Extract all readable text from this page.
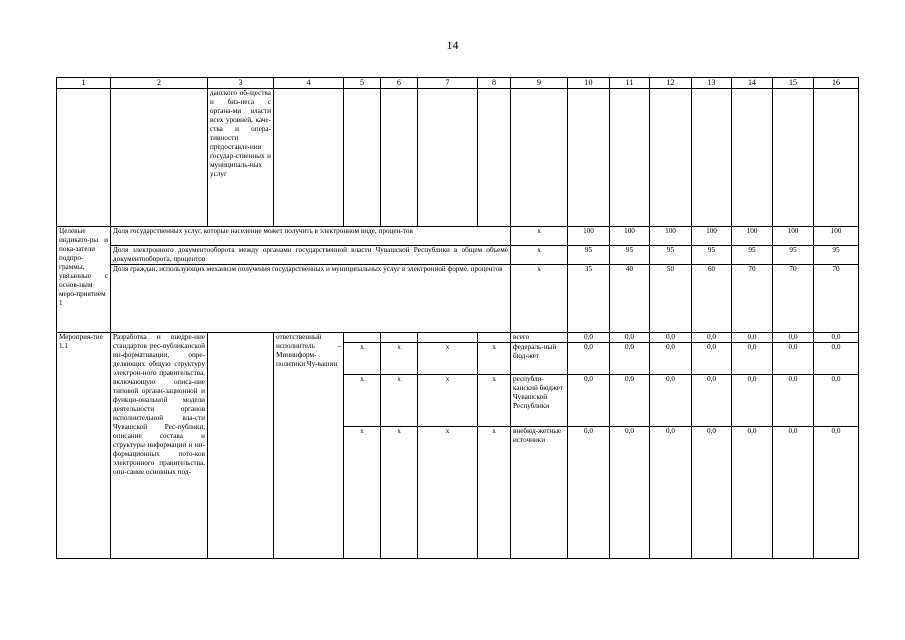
14
1	2	3	4	5	6	7	8	9	10	11	12	13	14	15	16
		данского об-щества и биз-неса с органа-ми власти всех уровней, каче-ства и опера-тивности предоставле-ния государ-ственных и муниципаль-ных услуг													
Целевые индикато-ры и пока-затели подпро-граммы, увязанные с основ-ным меро-приятием 1	Доля государственных услуг, которые население может получить в электронном виде, процен-тов							x	100	100	100	100	100	100	100
	Доля электронного документооборота между органами государственной власти Чувашской Республики в общем объеме документооборота, процентов							x	95	95	95	95	95	95	95
	Доля граждан, использующих механизм получения государственных и муниципальных услуг в электронной форме, процентов							x	35	40	50	60	70	70	70
Мероприя-тие 1.1	Разработка и внедре-ние стандартов рес-публиканской ин-формативации, опре-деляющих общую структуру электрон-ного правительства, включающую описа-ние типовой органи-зационной и функци-ональной модели деятельности органов исполнительной вла-сти Чувашской Рес-публики, описание состава и структуры информации и ин-формационных пото-ков электронного правительства, опи-сание основных под-		ответственный исполнитель – Мининформ-политики Чу-вашии					всего	0,0	0,0	0,0	0,0	0,0	0,0	0,0
				x	x	x	x	федераль-ный бюд-жет	0,0	0,0	0,0	0,0	0,0	0,0	0,0
				x	x	x	x	республи-канский бюджет Чувашской Республики	0,0	0,0	0,0	0,0	0,0	0,0	0,0
				x	x	x	x	внебюд-жетные источники	0,0	0,0	0,0	0,0	0,0	0,0	0,0
